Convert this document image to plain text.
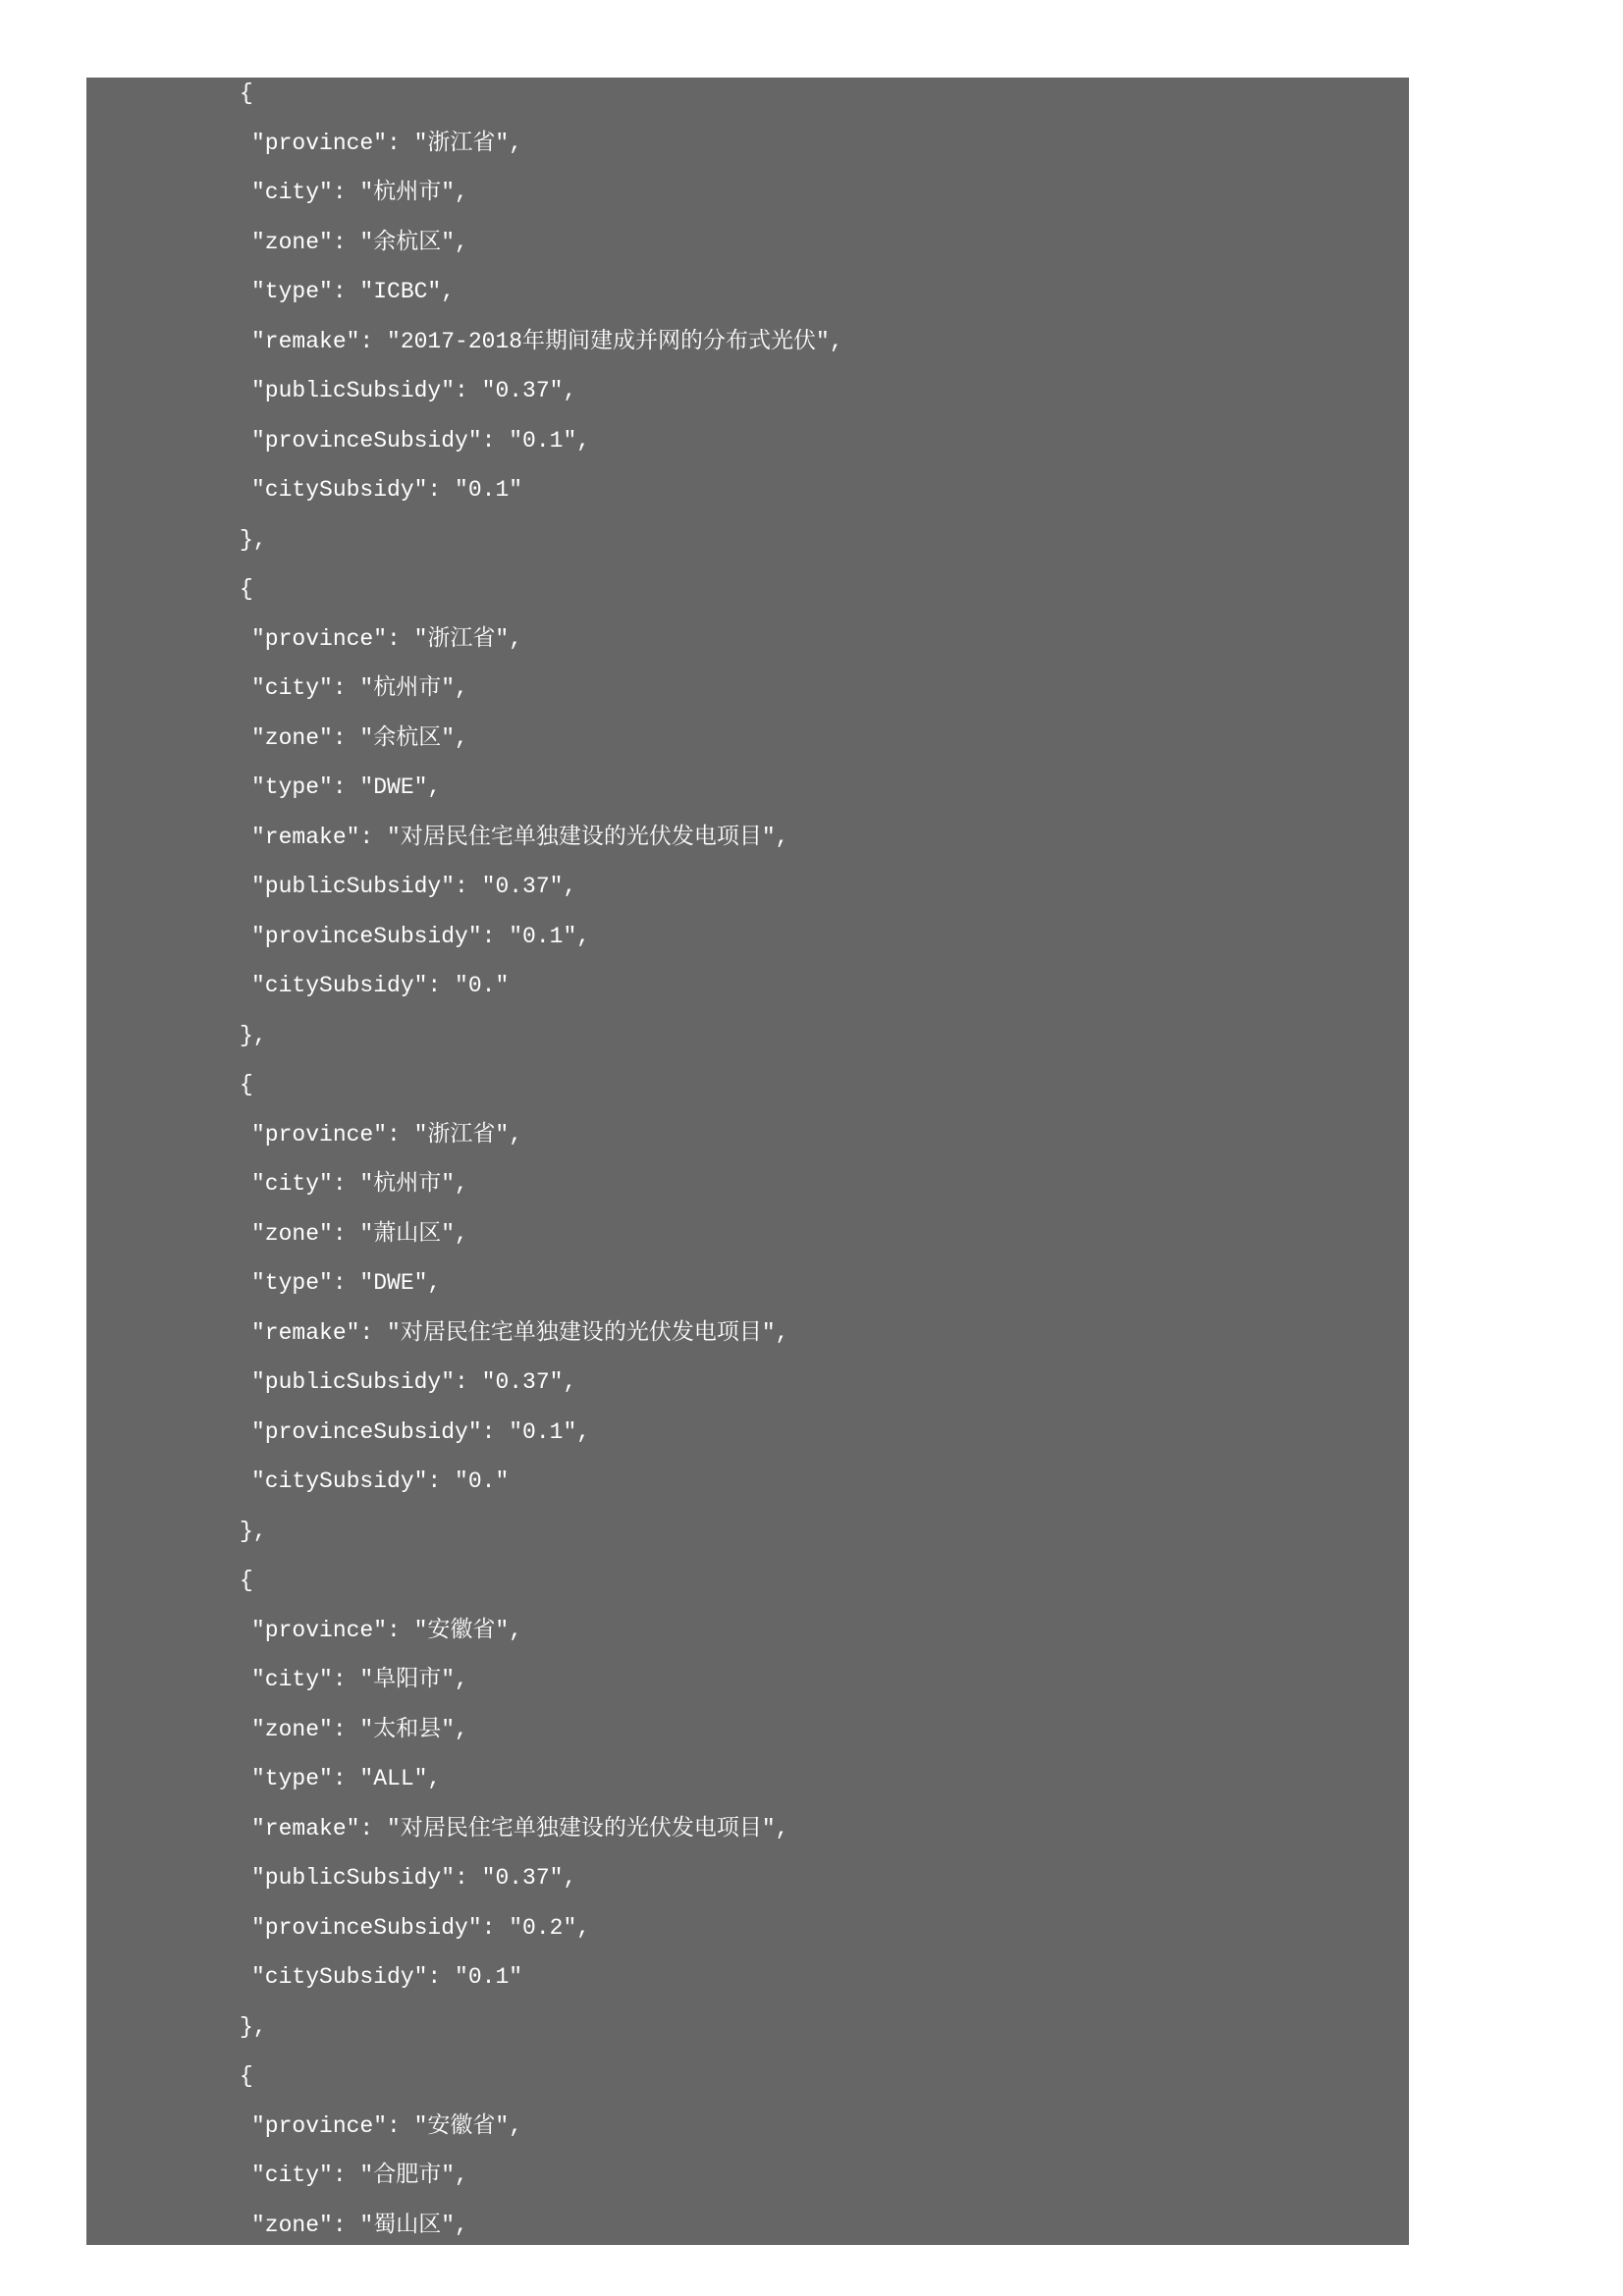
{
"province": "浙江省",
"city": "杭州市",
"zone": "余杭区",
"type": "ICBC",
"remake": "2017-2018年期间建成并网的分布式光伏",
"publicSubsidy": "0.37",
"provinceSubsidy": "0.1",
"citySubsidy": "0.1"
},
{
"province": "浙江省",
"city": "杭州市",
"zone": "余杭区",
"type": "DWE",
"remake": "对居民住宅单独建设的光伏发电项目",
"publicSubsidy": "0.37",
"provinceSubsidy": "0.1",
"citySubsidy": "0."
},
{
"province": "浙江省",
"city": "杭州市",
"zone": "萧山区",
"type": "DWE",
"remake": "对居民住宅单独建设的光伏发电项目",
"publicSubsidy": "0.37",
"provinceSubsidy": "0.1",
"citySubsidy": "0."
},
{
"province": "安徽省",
"city": "阜阳市",
"zone": "太和县",
"type": "ALL",
"remake": "对居民住宅单独建设的光伏发电项目",
"publicSubsidy": "0.37",
"provinceSubsidy": "0.2",
"citySubsidy": "0.1"
},
{
"province": "安徽省",
"city": "合肥市",
"zone": "蜀山区",
